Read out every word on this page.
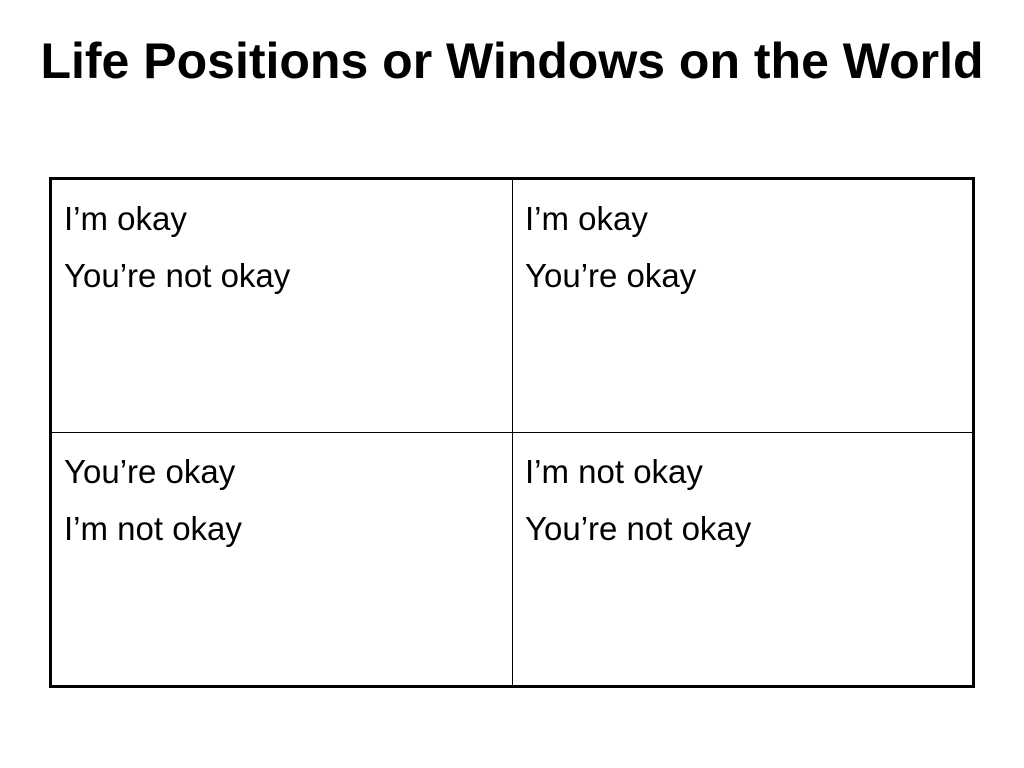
Life Positions or Windows on the World
I’m okay
You’re not okay
I’m okay
You’re okay
You’re okay
I’m not okay
I’m not okay
You’re not okay
